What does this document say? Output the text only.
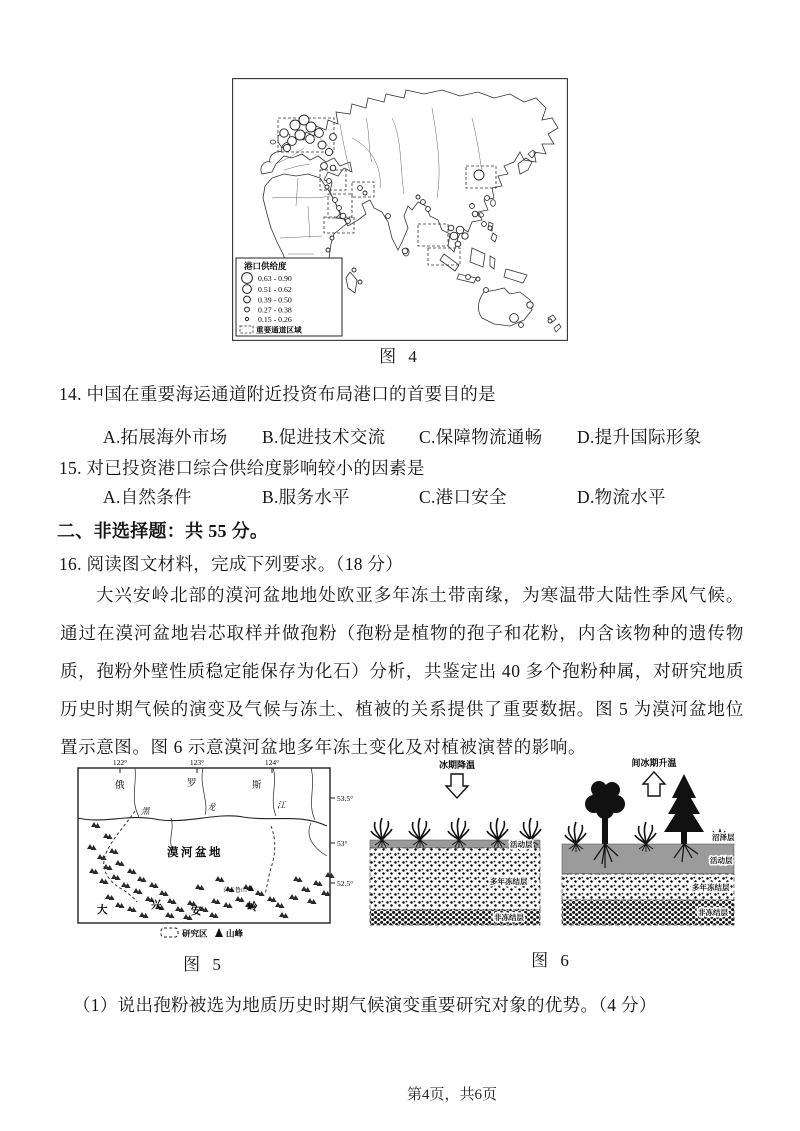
港口供给度
0.63 - 0.90
0.51 - 0.62
0.39 - 0.50
0.27 - 0.38
0.15 - 0.26
重要通道区域
图 4
14. 中国在重要海运通道附近投资布局港口的首要目的是
A.拓展海外市场 B.促进技术交流 C.保障物流通畅 D.提升国际形象
15. 对已投资港口综合供给度影响较小的因素是
A.自然条件	B.服务水平	C.港口安全	D.物流水平
二、非选择题：共 55 分。
16. 阅读图文材料，完成下列要求。（18 分）
大兴安岭北部的漠河盆地地处欧亚多年冻土带南缘，为寒温带大陆性季风气候。通过在漠河盆地岩芯取样并做孢粉（孢粉是植物的孢子和花粉，内含该物种的遗传物质，孢粉外壁性质稳定能保存为化石）分析，共鉴定出 40 多个孢粉种属，对研究地质历史时期气候的演变及气候与冻土、植被的关系提供了重要数据。图 5 为漠河盆地位置示意图。图 6 示意漠河盆地多年冻土变化及对植被演替的影响。
122°	123°	124°
53.5°
53°
52.5°
俄	罗	斯
黑	龙	江
漠河盆地
白卡鲁山
大	兴
安	岭
研究区 山峰
图 5
冰期降温
活动层
多年冻结层
非冻结层
间冰期升温
沼泽层
活动层
多年冻结层
非冻结层
图 6
（1）说出孢粉被选为地质历史时期气候演变重要研究对象的优势。（4 分）
第4页，共6页
